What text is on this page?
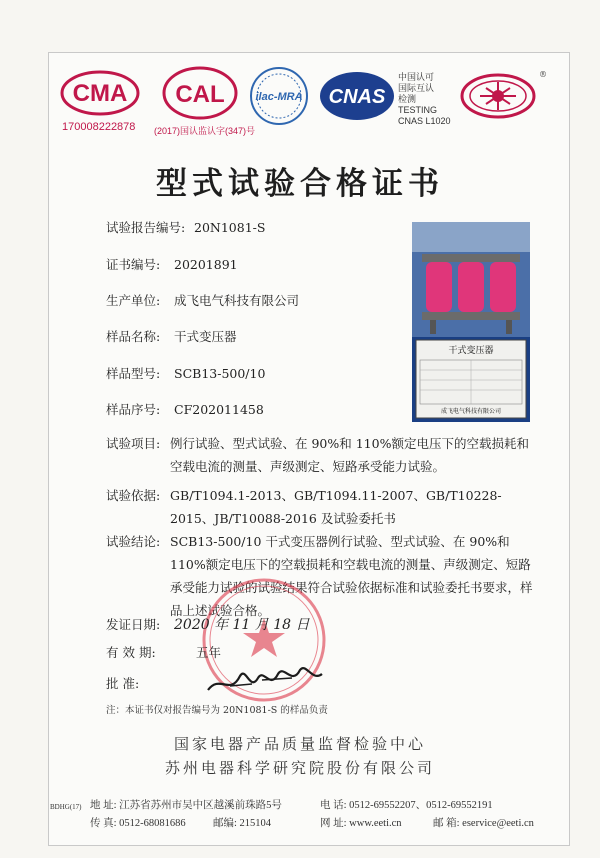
CMA
170008222878
CAL
(2017)国认监认字(347)号
ilac-MRA CNAS
中国认可
国际互认
检测
TESTING
CNAS L1020
®
型式试验合格证书
试验报告编号: 20N1081-S
证书编号: 20201891
生产单位: 成飞电气科技有限公司
样品名称: 干式变压器
样品型号: SCB13-500/10
样品序号: CF202011458
干式变压器
成飞电气科技有限公司
试验项目: 例行试验、型式试验、在 90%和 110%额定电压下的空载损耗和空载电流的测量、声级测定、短路承受能力试验。
试验依据: GB/T1094.1-2013、GB/T1094.11-2007、GB/T10228-2015、JB/T10088-2016 及试验委托书
试验结论: SCB13-500/10 干式变压器例行试验、型式试验、在 90%和 110%额定电压下的空载损耗和空载电流的测量、声级测定、短路承受能力试验的试验结果符合试验依据标准和试验委托书要求，样品上述试验合格。
发证日期: 2020 年 11 月 18 日
有 效 期:	五年
批 准:
注：本证书仅对报告编号为 20N1081-S 的样品负责
国家电器产品质量监督检验中心
苏州电器科学研究院股份有限公司
BDHG(17) 地 址: 江苏省苏州市吴中区越溪前珠路5号	电 话: 0512-69552207、0512-69552191
传 真: 0512-68081686	邮编: 215104	网 址: www.eeti.cn	邮 箱: eservice@eeti.cn
